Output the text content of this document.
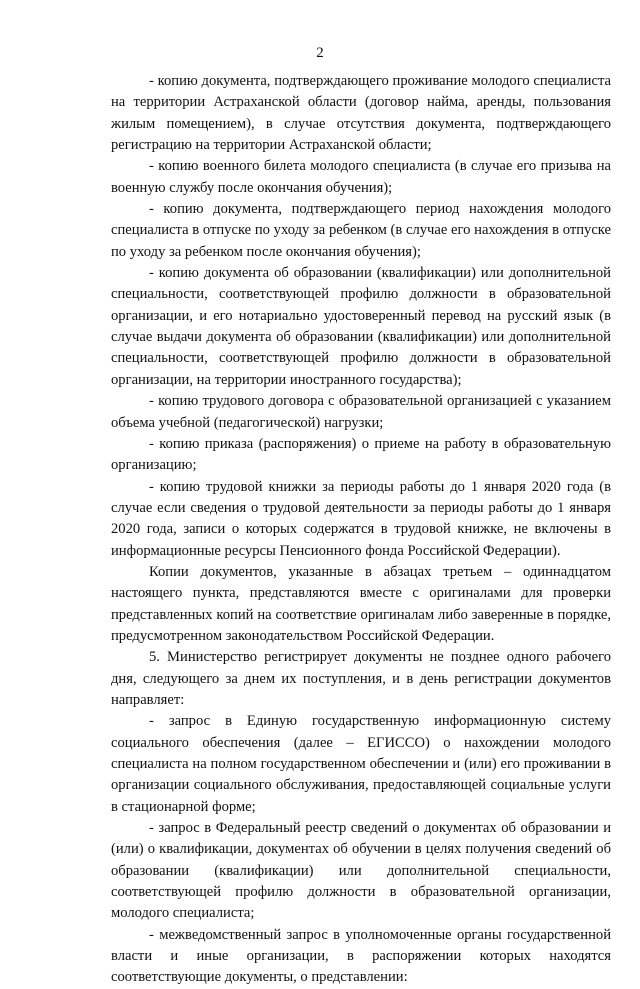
2

- копию документа, подтверждающего проживание молодого специалиста на территории Астраханской области (договор найма, аренды, пользования жилым помещением), в случае отсутствия документа, подтверждающего регистрацию на территории Астраханской области;

- копию военного билета молодого специалиста (в случае его призыва на военную службу после окончания обучения);

- копию документа, подтверждающего период нахождения молодого специалиста в отпуске по уходу за ребенком (в случае его нахождения в отпуске по уходу за ребенком после окончания обучения);

- копию документа об образовании (квалификации) или дополнительной специальности, соответствующей профилю должности в образовательной организации, и его нотариально удостоверенный перевод на русский язык (в случае выдачи документа об образовании (квалификации) или дополнительной специальности, соответствующей профилю должности в образовательной организации, на территории иностранного государства);

- копию трудового договора с образовательной организацией с указанием объема учебной (педагогической) нагрузки;

- копию приказа (распоряжения) о приеме на работу в образовательную организацию;

- копию трудовой книжки за периоды работы до 1 января 2020 года (в случае если сведения о трудовой деятельности за периоды работы до 1 января 2020 года, записи о которых содержатся в трудовой книжке, не включены в информационные ресурсы Пенсионного фонда Российской Федерации).

Копии документов, указанные в абзацах третьем – одиннадцатом настоящего пункта, представляются вместе с оригиналами для проверки представленных копий на соответствие оригиналам либо заверенные в порядке, предусмотренном законодательством Российской Федерации.

5. Министерство регистрирует документы не позднее одного рабочего дня, следующего за днем их поступления, и в день регистрации документов направляет:

- запрос в Единую государственную информационную систему социального обеспечения (далее – ЕГИССО) о нахождении молодого специалиста на полном государственном обеспечении и (или) его проживании в организации социального обслуживания, предоставляющей социальные услуги в стационарной форме;

- запрос в Федеральный реестр сведений о документах об образовании и (или) о квалификации, документах об обучении в целях получения сведений об образовании (квалификации) или дополнительной специальности, соответствующей профилю должности в образовательной организации, молодого специалиста;

- межведомственный запрос в уполномоченные органы государственной власти и иные организации, в распоряжении которых находятся соответствующие документы, о представлении:
